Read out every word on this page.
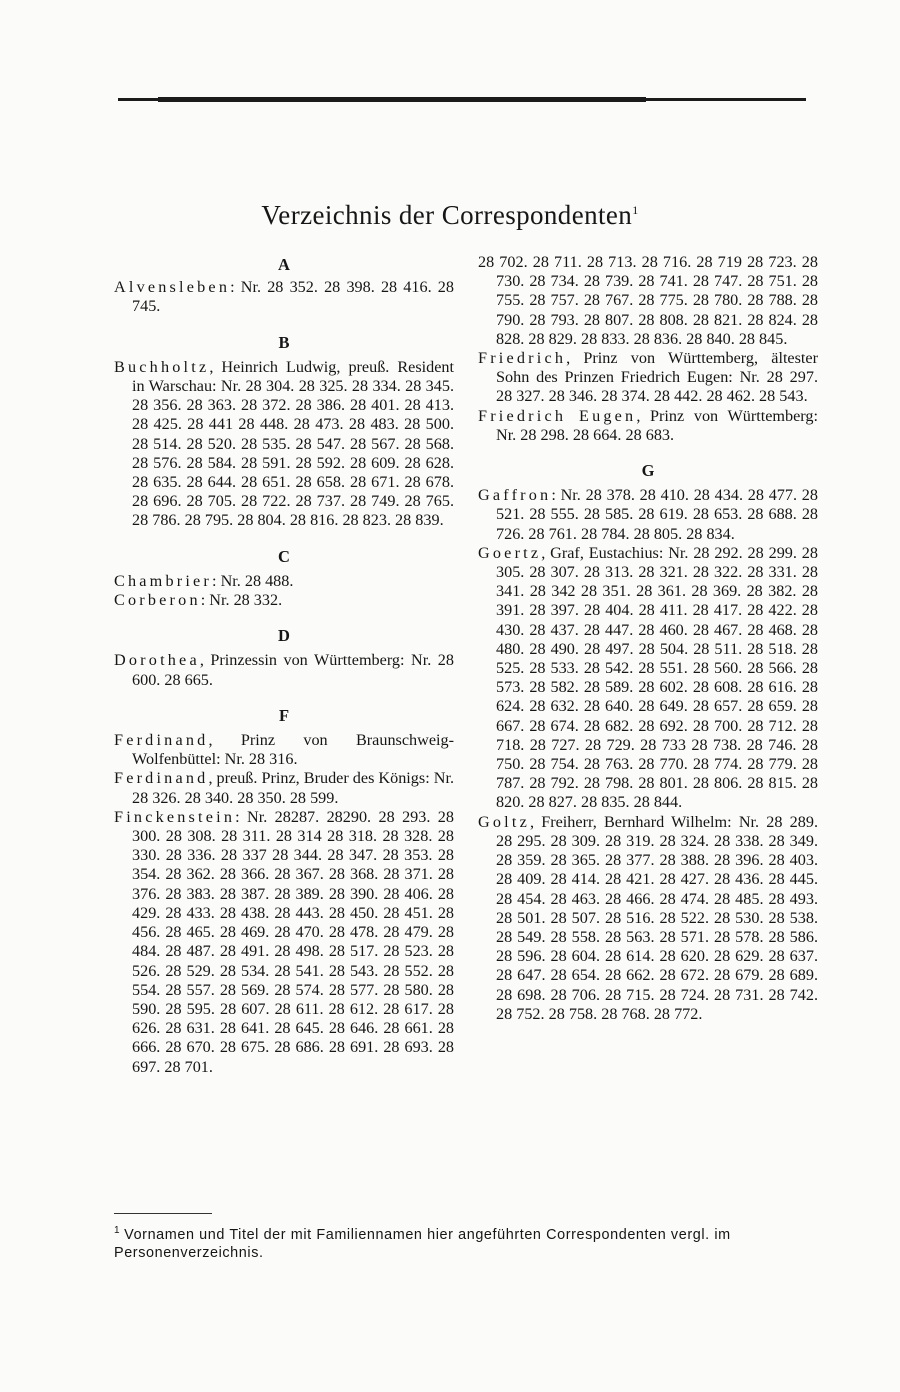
Verzeichnis der Correspondenten$^1$
A
Alvensleben: Nr. 28 352. 28 398. 28 416. 28 745.
B
Buchholtz, Heinrich Ludwig, preuß. Resident in Warschau: Nr. 28 304. 28 325. 28 334. 28 345. 28 356. 28 363. 28 372. 28 386. 28 401. 28 413. 28 425. 28 441 28 448. 28 473. 28 483. 28 500. 28 514. 28 520. 28 535. 28 547. 28 567. 28 568. 28 576. 28 584. 28 591. 28 592. 28 609. 28 628. 28 635. 28 644. 28 651. 28 658. 28 671. 28 678. 28 696. 28 705. 28 722. 28 737. 28 749. 28 765. 28 786. 28 795. 28 804. 28 816. 28 823. 28 839.
C
Chambrier: Nr. 28 488.
Corberon: Nr. 28 332.
D
Dorothea, Prinzessin von Württemberg: Nr. 28 600. 28 665.
F
Ferdinand, Prinz von Braunschweig-Wolfenbüttel: Nr. 28 316.
Ferdinand, preuß. Prinz, Bruder des Königs: Nr. 28 326. 28 340. 28 350. 28 599.
Finckenstein: Nr. 28287. 28290. 28 293. 28 300. 28 308. 28 311. 28 314 28 318. 28 328. 28 330. 28 336. 28 337 28 344. 28 347. 28 353. 28 354. 28 362. 28 366. 28 367. 28 368. 28 371. 28 376. 28 383. 28 387. 28 389. 28 390. 28 406. 28 429. 28 433. 28 438. 28 443. 28 450. 28 451. 28 456. 28 465. 28 469. 28 470. 28 478. 28 479. 28 484. 28 487. 28 491. 28 498. 28 517. 28 523. 28 526. 28 529. 28 534. 28 541. 28 543. 28 552. 28 554. 28 557. 28 569. 28 574. 28 577. 28 580. 28 590. 28 595. 28 607. 28 611. 28 612. 28 617. 28 626. 28 631. 28 641. 28 645. 28 646. 28 661. 28 666. 28 670. 28 675. 28 686. 28 691. 28 693. 28 697. 28 701.
28 702. 28 711. 28 713. 28 716. 28 719 28 723. 28 730. 28 734. 28 739. 28 741. 28 747. 28 751. 28 755. 28 757. 28 767. 28 775. 28 780. 28 788. 28 790. 28 793. 28 807. 28 808. 28 821. 28 824. 28 828. 28 829. 28 833. 28 836. 28 840. 28 845.
Friedrich, Prinz von Württemberg, ältester Sohn des Prinzen Friedrich Eugen: Nr. 28 297. 28 327. 28 346. 28 374. 28 442. 28 462. 28 543.
Friedrich Eugen, Prinz von Württemberg: Nr. 28 298. 28 664. 28 683.
G
Gaffron: Nr. 28 378. 28 410. 28 434. 28 477. 28 521. 28 555. 28 585. 28 619. 28 653. 28 688. 28 726. 28 761. 28 784. 28 805. 28 834.
Goertz, Graf, Eustachius: Nr. 28 292. 28 299. 28 305. 28 307. 28 313. 28 321. 28 322. 28 331. 28 341. 28 342 28 351. 28 361. 28 369. 28 382. 28 391. 28 397. 28 404. 28 411. 28 417. 28 422. 28 430. 28 437. 28 447. 28 460. 28 467. 28 468. 28 480. 28 490. 28 497. 28 504. 28 511. 28 518. 28 525. 28 533. 28 542. 28 551. 28 560. 28 566. 28 573. 28 582. 28 589. 28 602. 28 608. 28 616. 28 624. 28 632. 28 640. 28 649. 28 657. 28 659. 28 667. 28 674. 28 682. 28 692. 28 700. 28 712. 28 718. 28 727. 28 729. 28 733 28 738. 28 746. 28 750. 28 754. 28 763. 28 770. 28 774. 28 779. 28 787. 28 792. 28 798. 28 801. 28 806. 28 815. 28 820. 28 827. 28 835. 28 844.
Goltz, Freiherr, Bernhard Wilhelm: Nr. 28 289. 28 295. 28 309. 28 319. 28 324. 28 338. 28 349. 28 359. 28 365. 28 377. 28 388. 28 396. 28 403. 28 409. 28 414. 28 421. 28 427. 28 436. 28 445. 28 454. 28 463. 28 466. 28 474. 28 485. 28 493. 28 501. 28 507. 28 516. 28 522. 28 530. 28 538. 28 549. 28 558. 28 563. 28 571. 28 578. 28 586. 28 596. 28 604. 28 614. 28 620. 28 629. 28 637. 28 647. 28 654. 28 662. 28 672. 28 679. 28 689. 28 698. 28 706. 28 715. 28 724. 28 731. 28 742. 28 752. 28 758. 28 768. 28 772.
$^1$ Vornamen und Titel der mit Familiennamen hier angeführten Correspondenten vergl. im Personenverzeichnis.
